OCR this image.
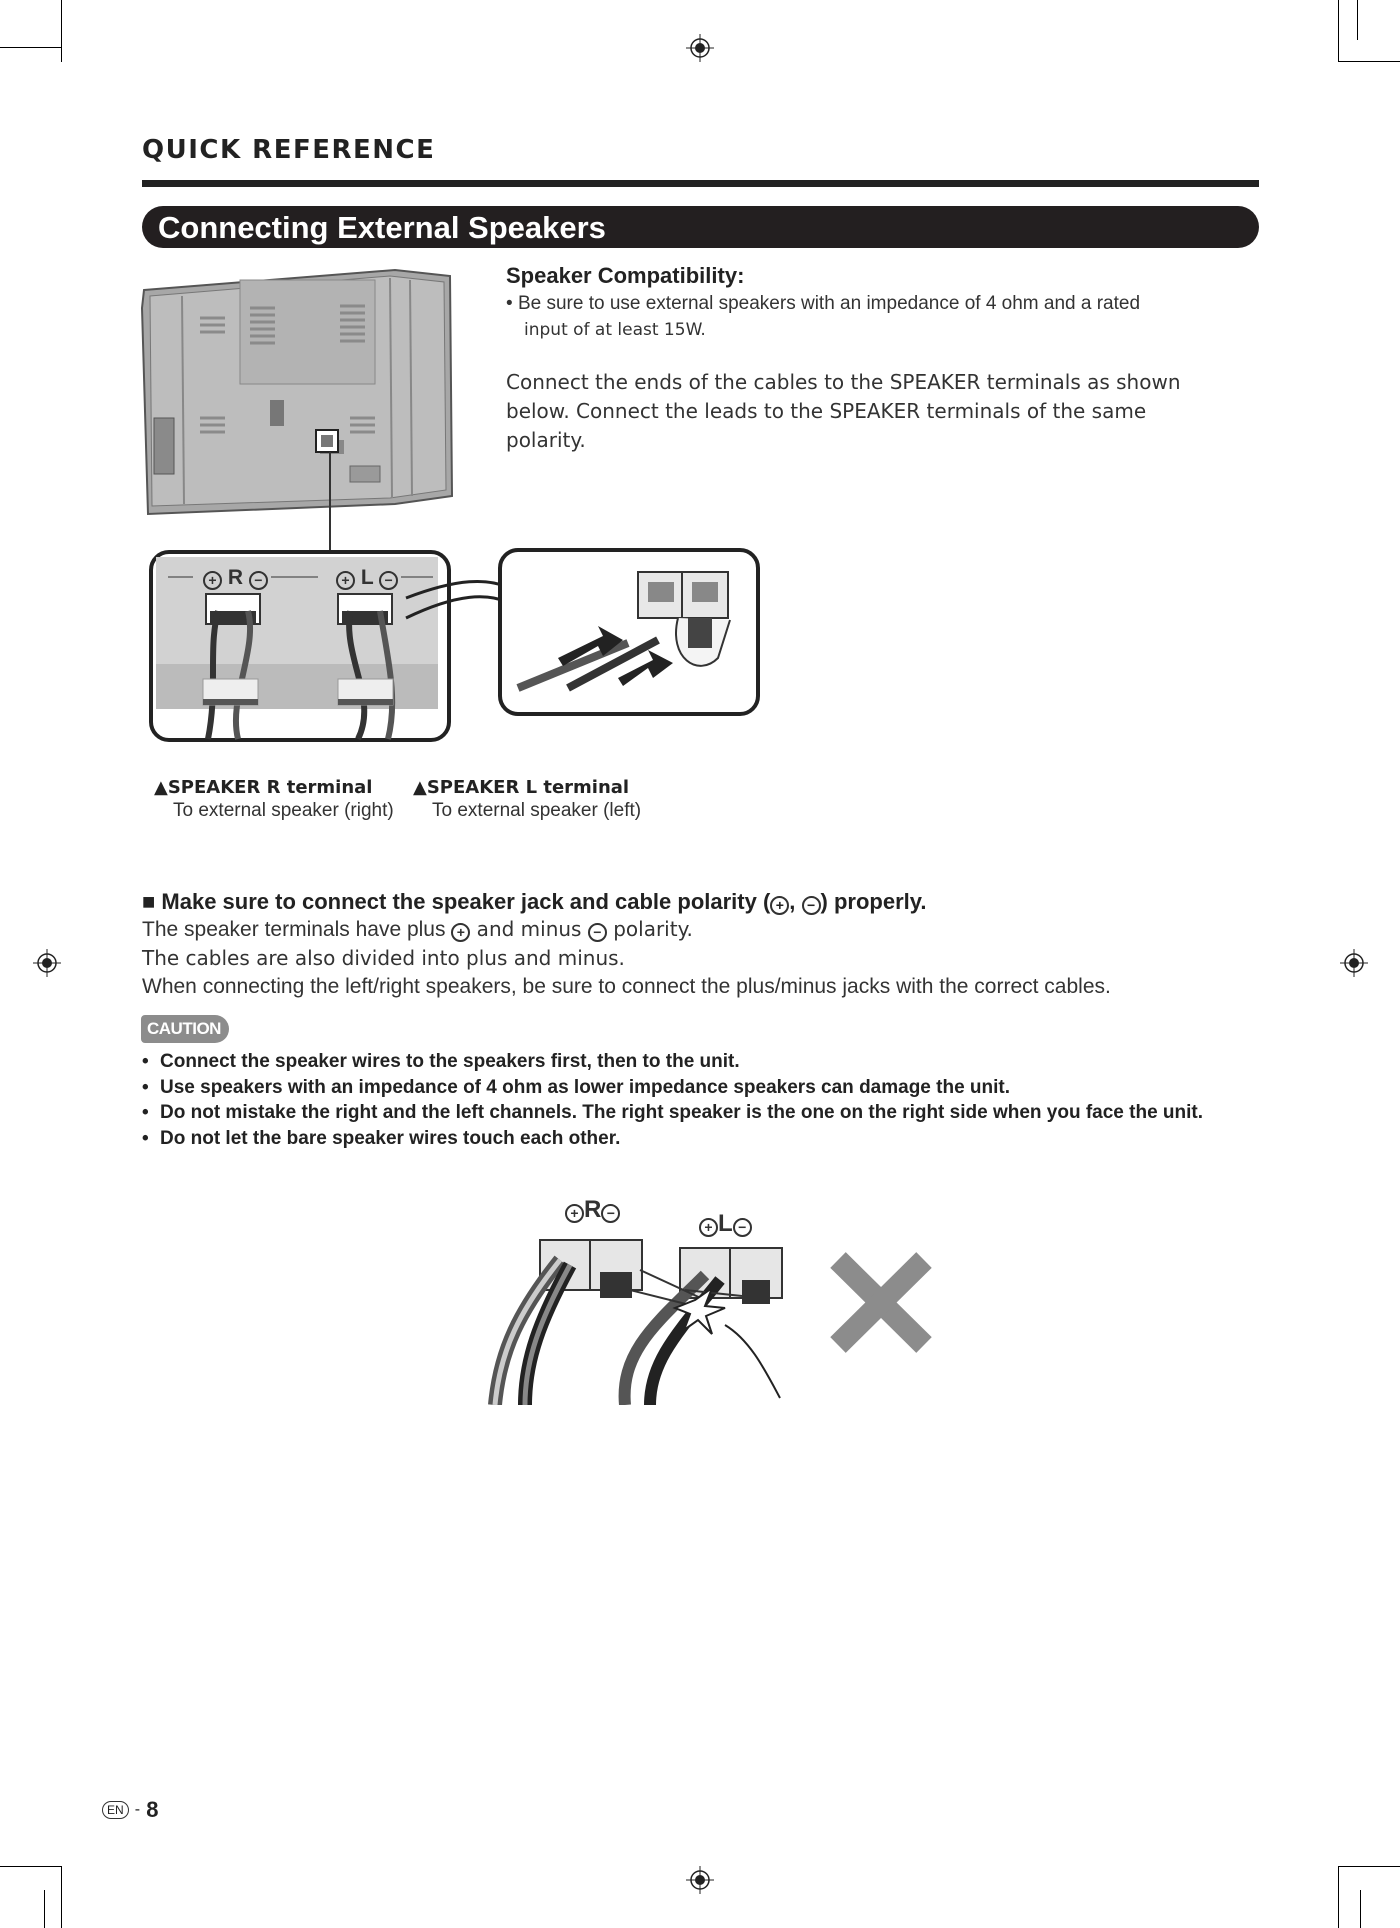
QUICK REFERENCE
Connecting External Speakers
+ R −	+ L −
▲SPEAKER R terminal
To external speaker (right)
▲SPEAKER L terminal
To external speaker (left)
Speaker Compatibility:
• Be sure to use external speakers with an impedance of 4 ohm and a rated
input of at least 15W.
Connect the ends of the cables to the SPEAKER terminals as shown
below. Connect the leads to the SPEAKER terminals of the same
polarity.
■ Make sure to connect the speaker jack and cable polarity ( + , − ) properly.
The speaker terminals have plus + and minus − polarity.
The cables are also divided into plus and minus.
When connecting the left/right speakers, be sure to connect the plus/minus jacks with the correct cables.
CAUTION
• Connect the speaker wires to the speakers first, then to the unit.
• Use speakers with an impedance of 4 ohm as lower impedance speakers can damage the unit.
• Do not mistake the right and the left channels. The right speaker is the one on the right side when you face the unit.
• Do not let the bare speaker wires touch each other.
+ R −
+ L −
EN - 8
